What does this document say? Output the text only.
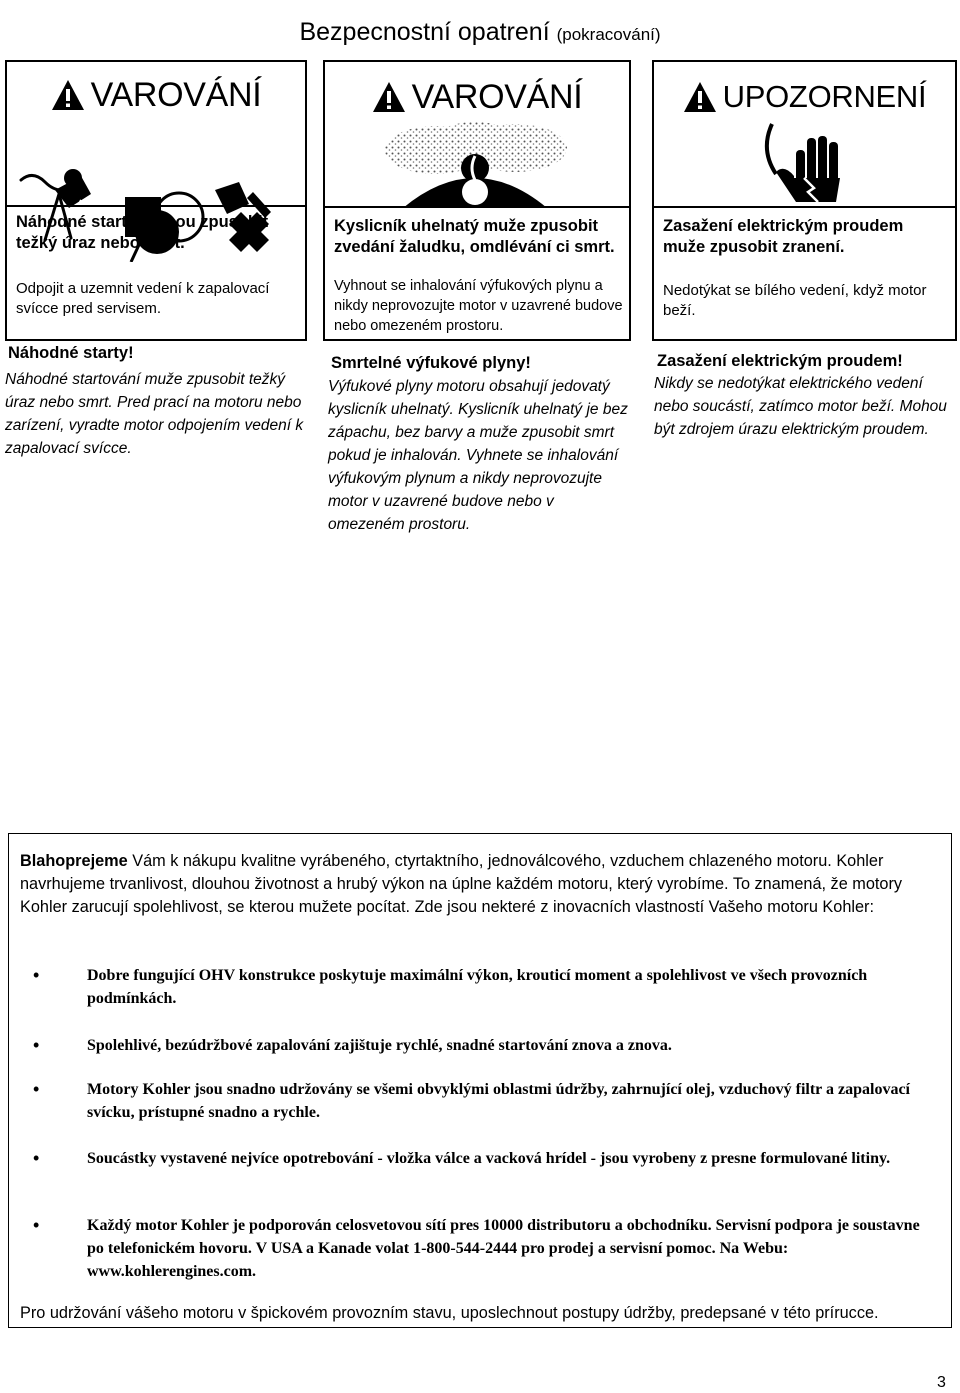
Bezpecnostní opatrení (pokracování)
VAROVÁNÍ
Náhodné starty mohou zpusobit težký úraz nebo smrt.
Odpojit a uzemnit vedení k zapalovací svícce pred servisem.
VAROVÁNÍ
Kyslicník uhelnatý muže zpusobit zvedání žaludku, omdlévání ci smrt.
Vyhnout se inhalování výfukových plynu a nikdy neprovozujte motor v uzavrené budove nebo omezeném prostoru.
UPOZORNENÍ
Zasažení elektrickým proudem muže zpusobit zranení.
Nedotýkat se bílého vedení, když motor beží.
Náhodné starty!
Náhodné startování muže zpusobit težký úraz nebo smrt. Pred prací na motoru nebo zarízení, vyradte motor odpojením vedení k zapalovací svícce.
Smrtelné výfukové plyny!
Výfukové plyny motoru obsahují jedovatý kyslicník uhelnatý. Kyslicník uhelnatý je bez zápachu, bez barvy a muže zpusobit smrt pokud je inhalován. Vyhnete se inhalování výfukovým plynum a nikdy neprovozujte motor v uzavrené budove nebo v omezeném prostoru.
Zasažení elektrickým proudem!
Nikdy se nedotýkat elektrického vedení nebo soucástí, zatímco motor beží. Mohou být zdrojem úrazu elektrickým proudem.

Blahoprejeme Vám k nákupu kvalitne vyrábeného, ctyrtaktního, jednoválcového, vzduchem chlazeného motoru. Kohler navrhujeme trvanlivost, dlouhou životnost a hrubý výkon na úplne každém motoru, který vyrobíme. To znamená, že motory Kohler zarucují spolehlivost, se kterou mužete pocítat. Zde jsou nekteré z inovacních vlastností Vašeho motoru Kohler:

•	Dobre fungující OHV konstrukce poskytuje maximální výkon, krouticí moment a spolehlivost ve všech provozních podmínkách.
•	Spolehlivé, bezúdržbové zapalování zajištuje rychlé, snadné startování znova a znova.
•	Motory Kohler jsou snadno udržovány se všemi obvyklými oblastmi údržby, zahrnující olej, vzduchový filtr a zapalovací svícku, prístupné snadno a rychle.
•	Soucástky vystavené nejvíce opotrebování - vložka válce a vacková hrídel - jsou vyrobeny z presne formulované litiny.
•	Každý motor Kohler je podporován celosvetovou sítí pres 10000 distributoru a obchodníku. Servisní podpora je soustavne po telefonickém hovoru. V USA a Kanade volat 1-800-544-2444 pro prodej a servisní pomoc. Na Webu: www.kohlerengines.com.
Pro udržování vášeho motoru v špickovém provozním stavu, uposlechnout postupy údržby, predepsané v této prírucce.
3
